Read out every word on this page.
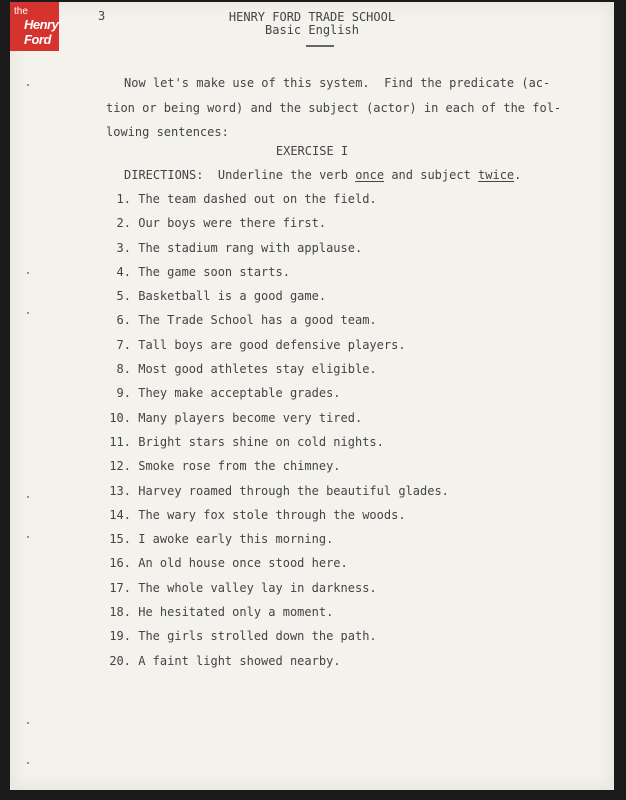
the
Henry
Ford
3	HENRY FORD TRADE SCHOOL
Basic English
Now let's make use of this system.  Find the predicate (ac-
tion or being word) and the subject (actor) in each of the fol-
lowing sentences:
EXERCISE I
DIRECTIONS:  Underline the verb once and subject twice.
1. The team dashed out on the field.
2. Our boys were there first.
3. The stadium rang with applause.
4. The game soon starts.
5. Basketball is a good game.
6. The Trade School has a good team.
7. Tall boys are good defensive players.
8. Most good athletes stay eligible.
9. They make acceptable grades.
10. Many players become very tired.
11. Bright stars shine on cold nights.
12. Smoke rose from the chimney.
13. Harvey roamed through the beautiful glades.
14. The wary fox stole through the woods.
15. I awoke early this morning.
16. An old house once stood here.
17. The whole valley lay in darkness.
18. He hesitated only a moment.
19. The girls strolled down the path.
20. A faint light showed nearby.
